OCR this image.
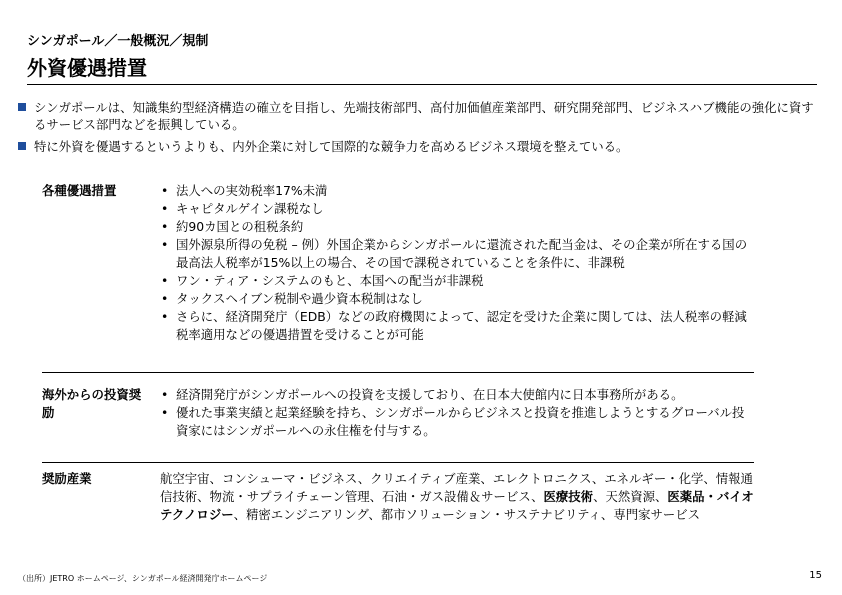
シンガポール／一般概況／規制
外資優遇措置
シンガポールは、知識集約型経済構造の確立を目指し、先端技術部門、高付加価値産業部門、研究開発部門、ビジネスハブ機能の強化に資するサービス部門などを振興している。
特に外資を優遇するというよりも、内外企業に対して国際的な競争力を高めるビジネス環境を整えている。
各種優遇措置
•	法人への実効税率17%未満
• キャピタルゲイン課税なし
• 約90カ国との租税条約
• 国外源泉所得の免税 – 例）外国企業からシンガポールに還流された配当金は、その企業が所在する国の最高法人税率が15%以上の場合、その国で課税されていることを条件に、非課税
• ワン・ティア・システムのもと、本国への配当が非課税
• タックスヘイブン税制や過少資本税制はなし
• さらに、経済開発庁（EDB）などの政府機関によって、認定を受けた企業に関しては、法人税率の軽減税率適用などの優遇措置を受けることが可能
海外からの投資奨励
• 経済開発庁がシンガポールへの投資を支援しており、在日本大使館内に日本事務所がある。
• 優れた事業実績と起業経験を持ち、シンガポールからビジネスと投資を推進しようとするグローバル投資家にはシンガポールへの永住権を付与する。
奨励産業	航空宇宙、コンシューマ・ビジネス、クリエイティブ産業、エレクトロニクス、エネルギー・化学、情報通信技術、物流・サプライチェーン管理、石油・ガス設備＆サービス、医療技術、天然資源、医薬品・バイオテクノロジー、精密エンジニアリング、都市ソリューション・サステナビリティ、専門家サービス

（出所）JETRO ホームページ、シンガポール経済開発庁ホームページ	15
